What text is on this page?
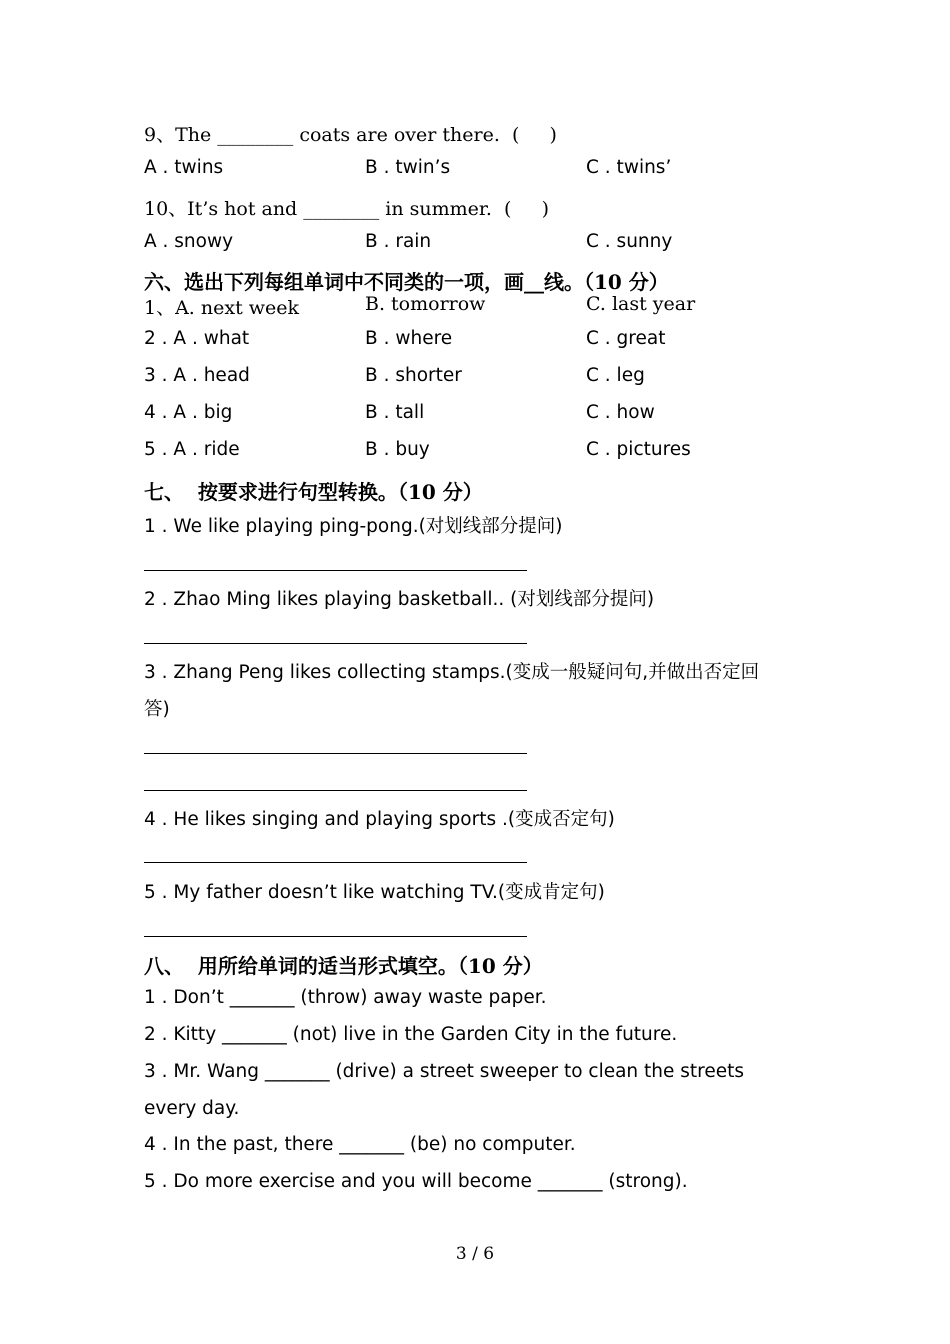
9、The ________ coats are over there.  (     )
A . twins	B . twin’s	C . twins’
10、It’s hot and ________ in summer.  (     )
A . snowy	B . rain	C . sunny
六、选出下列每组单词中不同类的一项，画__线。（10 分）
1、A. next week	B. tomorrow	C. last year
2 . A . what	B . where	C . great
3 . A . head	B . shorter	C . leg
4 . A . big	B . tall	C . how
5 . A . ride	B . buy	C . pictures
七、  按要求进行句型转换。（10 分）
1 . We like playing ping-pong.(对划线部分提问)
2 . Zhao Ming likes playing basketball.. (对划线部分提问)
3 . Zhang Peng likes collecting stamps.(变成一般疑问句,并做出否定回
答)
4 . He likes singing and playing sports .(变成否定句)
5 . My father doesn’t like watching TV.(变成肯定句)
八、  用所给单词的适当形式填空。（10 分）
1 . Don’t _______ (throw) away waste paper.
2 . Kitty _______ (not) live in the Garden City in the future.
3 . Mr. Wang _______ (drive) a street sweeper to clean the streets
every day.
4 . In the past, there _______ (be) no computer.
5 . Do more exercise and you will become _______ (strong).
3 / 6
